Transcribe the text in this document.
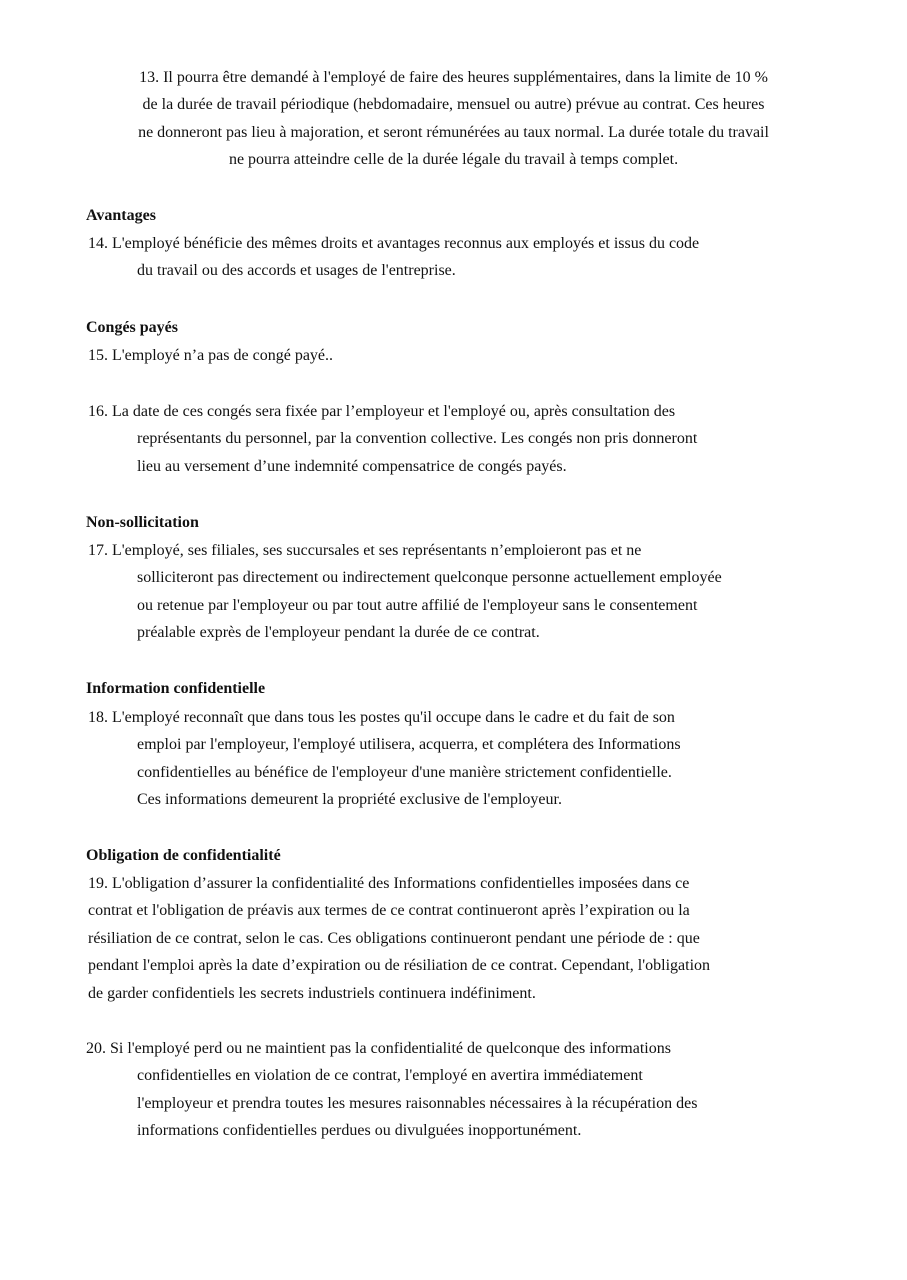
13. Il pourra être demandé à l'employé de faire des heures supplémentaires, dans la limite de 10 %
de la durée de travail périodique (hebdomadaire, mensuel ou autre) prévue au contrat. Ces heures
ne donneront pas lieu à majoration, et seront rémunérées au taux normal. La durée totale du travail
ne pourra atteindre celle de la durée légale du travail à temps complet.

Avantages

14. L'employé bénéficie des mêmes droits et avantages reconnus aux employés et issus du code
du travail ou des accords et usages de l'entreprise.

Congés payés

15. L'employé n’a pas de congé payé..

16. La date de ces congés sera fixée par l’employeur et l'employé ou, après consultation des
représentants du personnel, par la convention collective. Les congés non pris donneront
lieu au versement d’une indemnité compensatrice de congés payés.

Non-sollicitation

17. L'employé, ses filiales, ses succursales et ses représentants n’emploieront pas et ne
solliciteront pas directement ou indirectement quelconque personne actuellement employée
ou retenue par l'employeur ou par tout autre affilié de l'employeur sans le consentement
préalable exprès de l'employeur pendant la durée de ce contrat.

Information confidentielle

18. L'employé reconnaît que dans tous les postes qu'il occupe dans le cadre et du fait de son
emploi par l'employeur, l'employé utilisera, acquerra, et complétera des Informations
confidentielles au bénéfice de l'employeur d'une manière strictement confidentielle.
Ces informations demeurent la propriété exclusive de l'employeur.

Obligation de confidentialité

19. L'obligation d’assurer la confidentialité des Informations confidentielles imposées dans ce
contrat et l'obligation de préavis aux termes de ce contrat continueront après l’expiration ou la
résiliation de ce contrat, selon le cas. Ces obligations continueront pendant une période de : que
pendant l'emploi après la date d’expiration ou de résiliation de ce contrat. Cependant, l'obligation
de garder confidentiels les secrets industriels continuera indéfiniment.

20. Si l'employé perd ou ne maintient pas la confidentialité de quelconque des informations
confidentielles en violation de ce contrat, l'employé en avertira immédiatement
l'employeur et prendra toutes les mesures raisonnables nécessaires à la récupération des
informations confidentielles perdues ou divulguées inopportunément.
